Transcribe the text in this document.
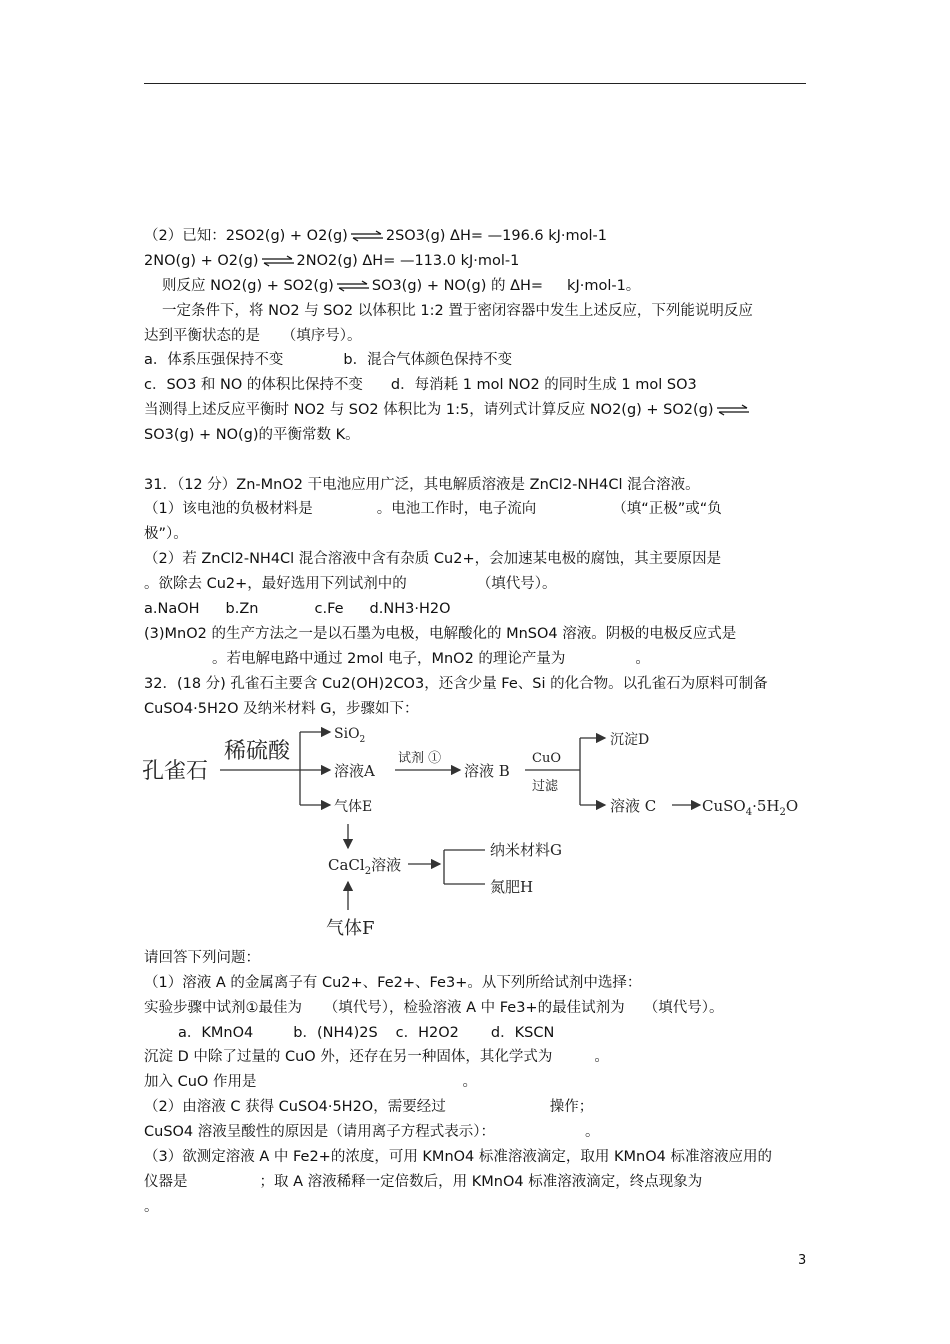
（2）已知：2SO2(g) + O2(g) ⇌ 2SO3(g) ΔH= —196.6 kJ·mol-1
2NO(g) + O2(g) ⇌ 2NO2(g) ΔH= —113.0 kJ·mol-1
则反应 NO2(g) + SO2(g) ⇌ SO3(g) + NO(g) 的 ΔH= kJ·mol-1。
一定条件下，将 NO2 与 SO2 以体积比 1:2 置于密闭容器中发生上述反应，下列能说明反应
达到平衡状态的是　　（填序号）。
a．体系压强保持不变	b．混合气体颜色保持不变
c．SO3 和 NO 的体积比保持不变 d．每消耗 1 mol NO2 的同时生成 1 mol SO3
当测得上述反应平衡时 NO2 与 SO2 体积比为 1:5，请列式计算反应 NO2(g) + SO2(g) ⇌
SO3(g) + NO(g)的平衡常数 K。
31．（12 分）Zn-MnO2 干电池应用广泛，其电解质溶液是 ZnCl2-NH4Cl 混合溶液。
（1）该电池的负极材料是	。电池工作时，电子流向	（填“正极”或“负
极”）。
（2）若 ZnCl2-NH4Cl 混合溶液中含有杂质 Cu2+，会加速某电极的腐蚀，其主要原因是
。欲除去 Cu2+，最好选用下列试剂中的	（填代号）。
a.NaOH b.Zn	c.Fe d.NH3·H2O
(3)MnO2 的生产方法之一是以石墨为电极，电解酸化的 MnSO4 溶液。阴极的电极反应式是
。若电解电路中通过 2mol 电子，MnO2 的理论产量为	。
32．(18 分) 孔雀石主要含 Cu2(OH)2CO3，还含少量 Fe、Si 的化合物。以孔雀石为原料可制备
CuSO4·5H2O 及纳米材料 G，步骤如下：
孔雀石
稀硫酸
SiO$_2$
溶液A
气体E
试剂 ①
溶液 B
CuO
过滤
沉淀D
溶液 C	$CuSO_4\cdot 5H_2O$
CaCl$_2$溶液
纳米材料G
氮肥H
气体F
请回答下列问题：
（1）溶液 A 的金属离子有 Cu2+、Fe2+、Fe3+。从下列所给试剂中选择：
实验步骤中试剂①最佳为　　（填代号），检验溶液 A 中 Fe3+的最佳试剂为　 （填代号）。
a．KMnO4	b．(NH4)2S c．H2O2 d．KSCN
沉淀 D 中除了过量的 CuO 外，还存在另一种固体，其化学式为	。
加入 CuO 作用是	。
（2）由溶液 C 获得 CuSO4·5H2O，需要经过	操作；
CuSO4 溶液呈酸性的原因是（请用离子方程式表示）：	。
（3）欲测定溶液 A 中 Fe2+的浓度，可用 KMnO4 标准溶液滴定，取用 KMnO4 标准溶液应用的
仪器是	；取 A 溶液稀释一定倍数后，用 KMnO4 标准溶液滴定，终点现象为
。
3
